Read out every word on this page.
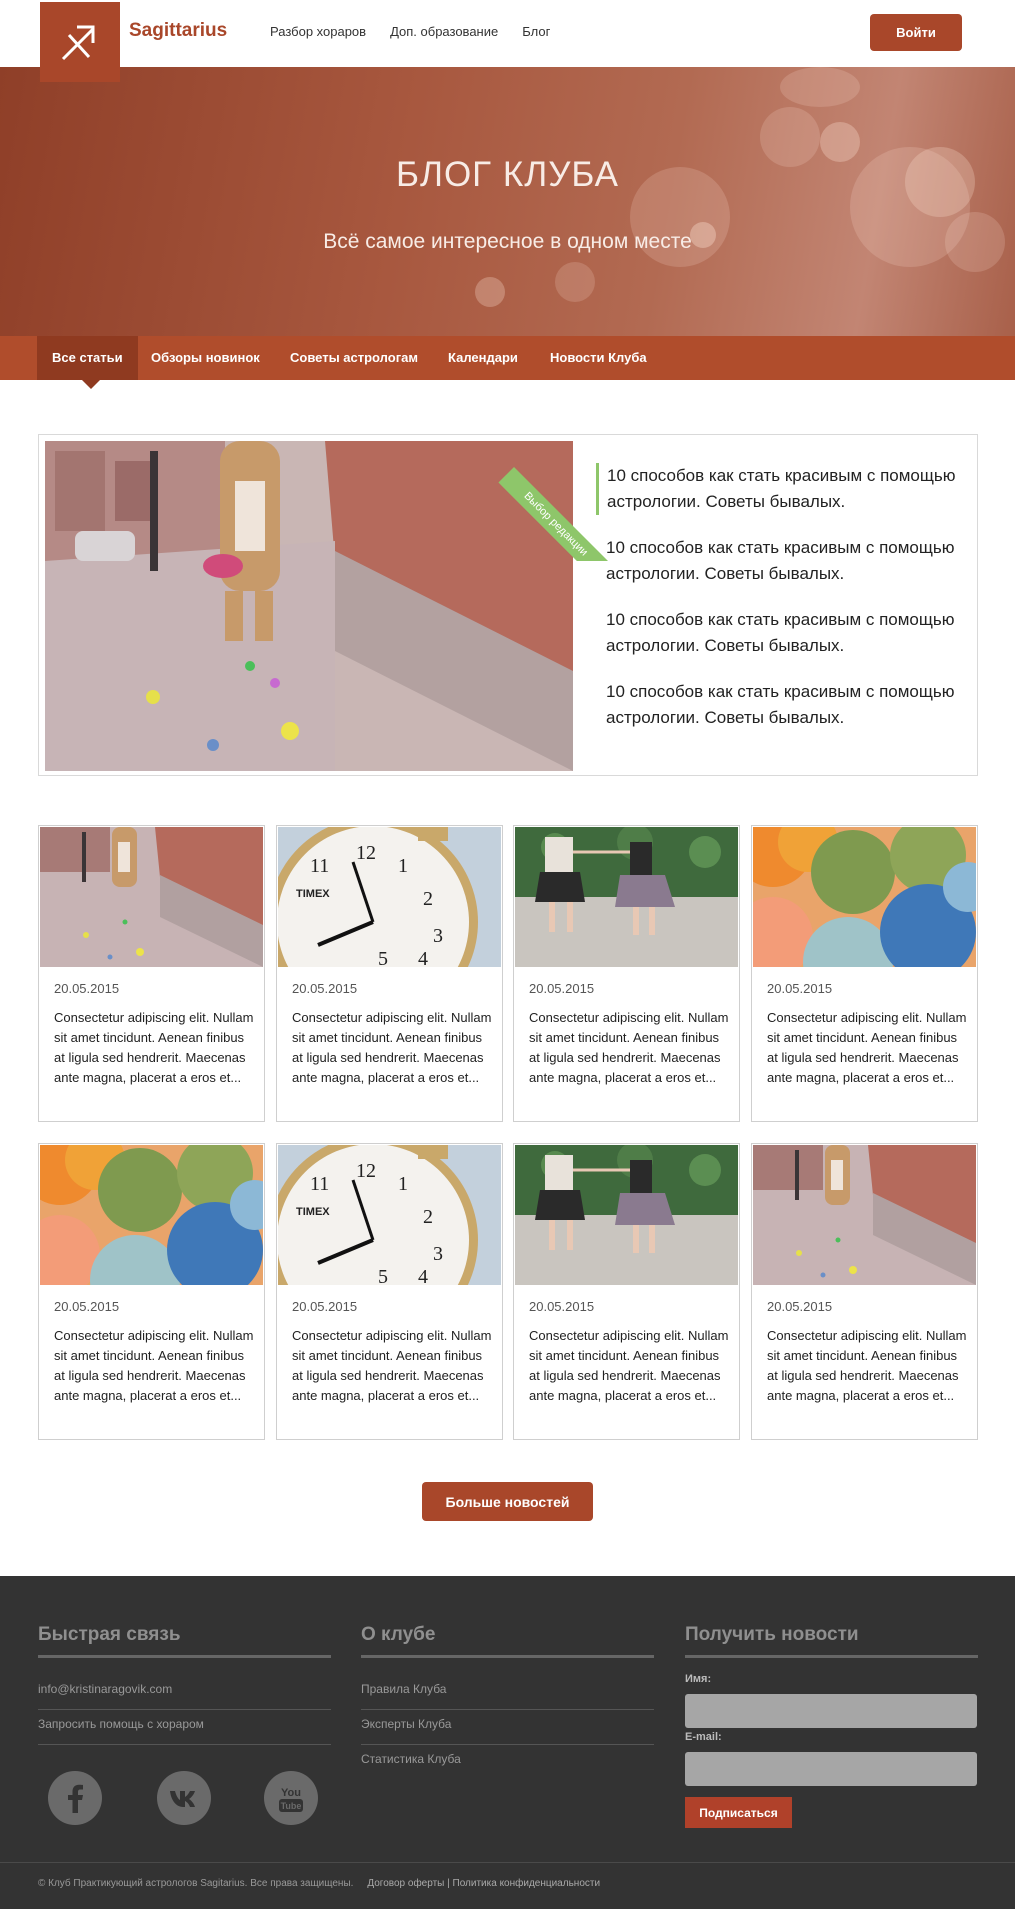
Sagittarius	Разбор хораров Доп. образование Блог	Войти
БЛОГ КЛУБА
Всё самое интересное в одном месте
Все статьи	Обзоры новинок	Советы астрологам	Календари	Новости Клуба
Выбор редакции
10 способов как стать красивым с помощью астрологии. Советы бывалых.
10 способов как стать красивым с помощью астрологии. Советы бывалых.
10 способов как стать красивым с помощью астрологии. Советы бывалых.
10 способов как стать красивым с помощью астрологии. Советы бывалых.
20.05.2015
Consectetur adipiscing elit. Nullam sit amet tincidunt. Aenean finibus at ligula sed hendrerit. Maecenas ante magna, placerat a eros et...
12
1
2
3
4
5
11
TIMEX
20.05.2015
Consectetur adipiscing elit. Nullam sit amet tincidunt. Aenean finibus at ligula sed hendrerit. Maecenas ante magna, placerat a eros et...
20.05.2015
Consectetur adipiscing elit. Nullam sit amet tincidunt. Aenean finibus at ligula sed hendrerit. Maecenas ante magna, placerat a eros et...
20.05.2015
Consectetur adipiscing elit. Nullam sit amet tincidunt. Aenean finibus at ligula sed hendrerit. Maecenas ante magna, placerat a eros et...
20.05.2015
Consectetur adipiscing elit. Nullam sit amet tincidunt. Aenean finibus at ligula sed hendrerit. Maecenas ante magna, placerat a eros et...
12
1
2
3
4
5
11
TIMEX
20.05.2015
Consectetur adipiscing elit. Nullam sit amet tincidunt. Aenean finibus at ligula sed hendrerit. Maecenas ante magna, placerat a eros et...
20.05.2015
Consectetur adipiscing elit. Nullam sit amet tincidunt. Aenean finibus at ligula sed hendrerit. Maecenas ante magna, placerat a eros et...
20.05.2015
Consectetur adipiscing elit. Nullam sit amet tincidunt. Aenean finibus at ligula sed hendrerit. Maecenas ante magna, placerat a eros et...
Больше новостей
Быстрая связь
info@kristinaragovik.com
Запросить помощь с хораром
You
Tube
О клубе
Правила Клуба
Эксперты Клуба
Статистика Клуба
Получить новости
Имя:
E-mail:
Подписаться
© Клуб Практикующий астрологов Sagitarius. Все права защищены. Договор оферты | Политика конфиденциальности
